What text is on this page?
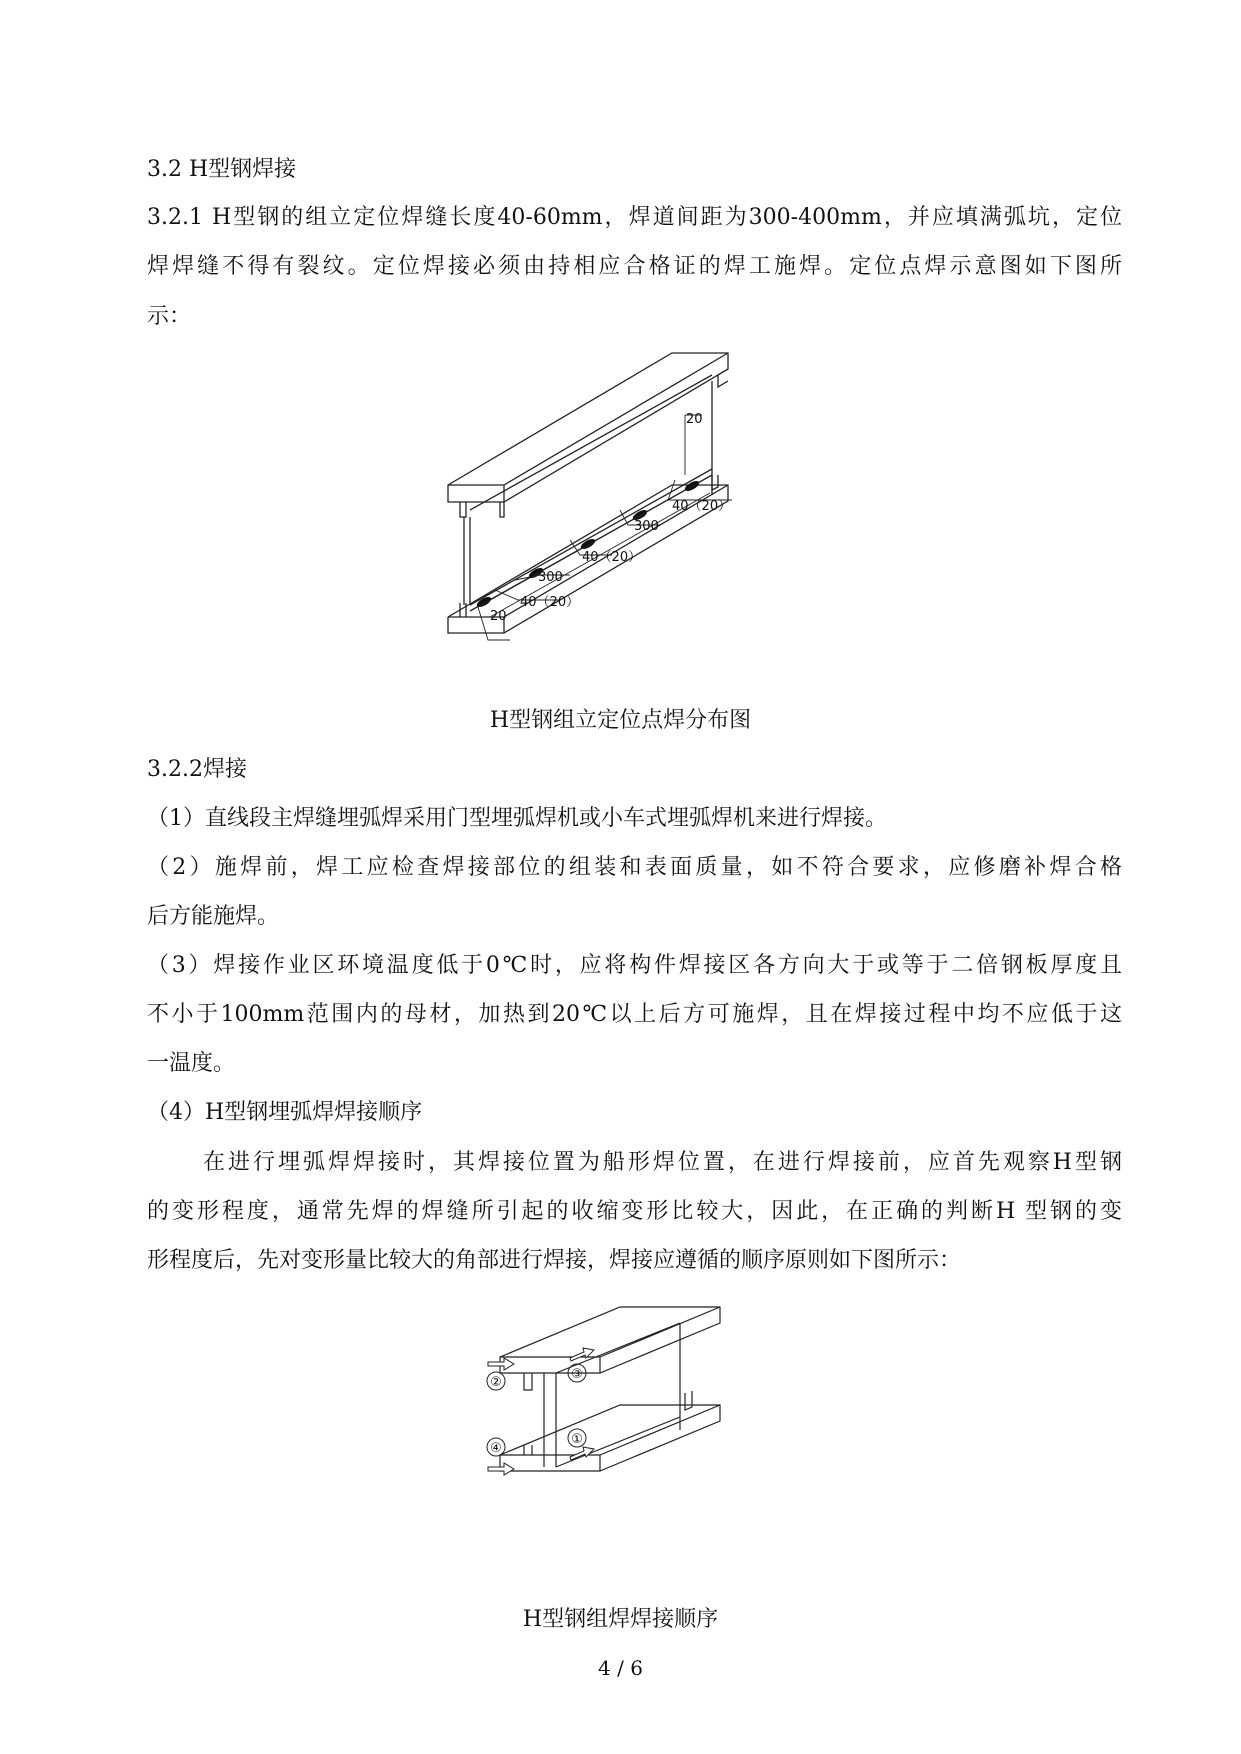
3.2 H型钢焊接
3.2.1 H型钢的组立定位焊缝长度40-60mm，焊道间距为300-400mm，并应填满弧坑，定位
焊焊缝不得有裂纹。定位焊接必须由持相应合格证的焊工施焊。定位点焊示意图如下图所
示：
20
40（20）
300
40（20）
300
40（20）
20
H型钢组立定位点焊分布图
3.2.2焊接
（1）直线段主焊缝埋弧焊采用门型埋弧焊机或小车式埋弧焊机来进行焊接。
（2）施焊前，焊工应检查焊接部位的组装和表面质量，如不符合要求，应修磨补焊合格
后方能施焊。
（3）焊接作业区环境温度低于0℃时，应将构件焊接区各方向大于或等于二倍钢板厚度且
不小于100mm范围内的母材，加热到20℃以上后方可施焊，且在焊接过程中均不应低于这
一温度。
（4）H型钢埋弧焊焊接顺序
在进行埋弧焊焊接时，其焊接位置为船形焊位置，在进行焊接前，应首先观察H型钢
的变形程度，通常先焊的焊缝所引起的收缩变形比较大，因此，在正确的判断H 型钢的变
形程度后，先对变形量比较大的角部进行焊接，焊接应遵循的顺序原则如下图所示：
②
③
④
①
H型钢组焊焊接顺序
4 / 6
